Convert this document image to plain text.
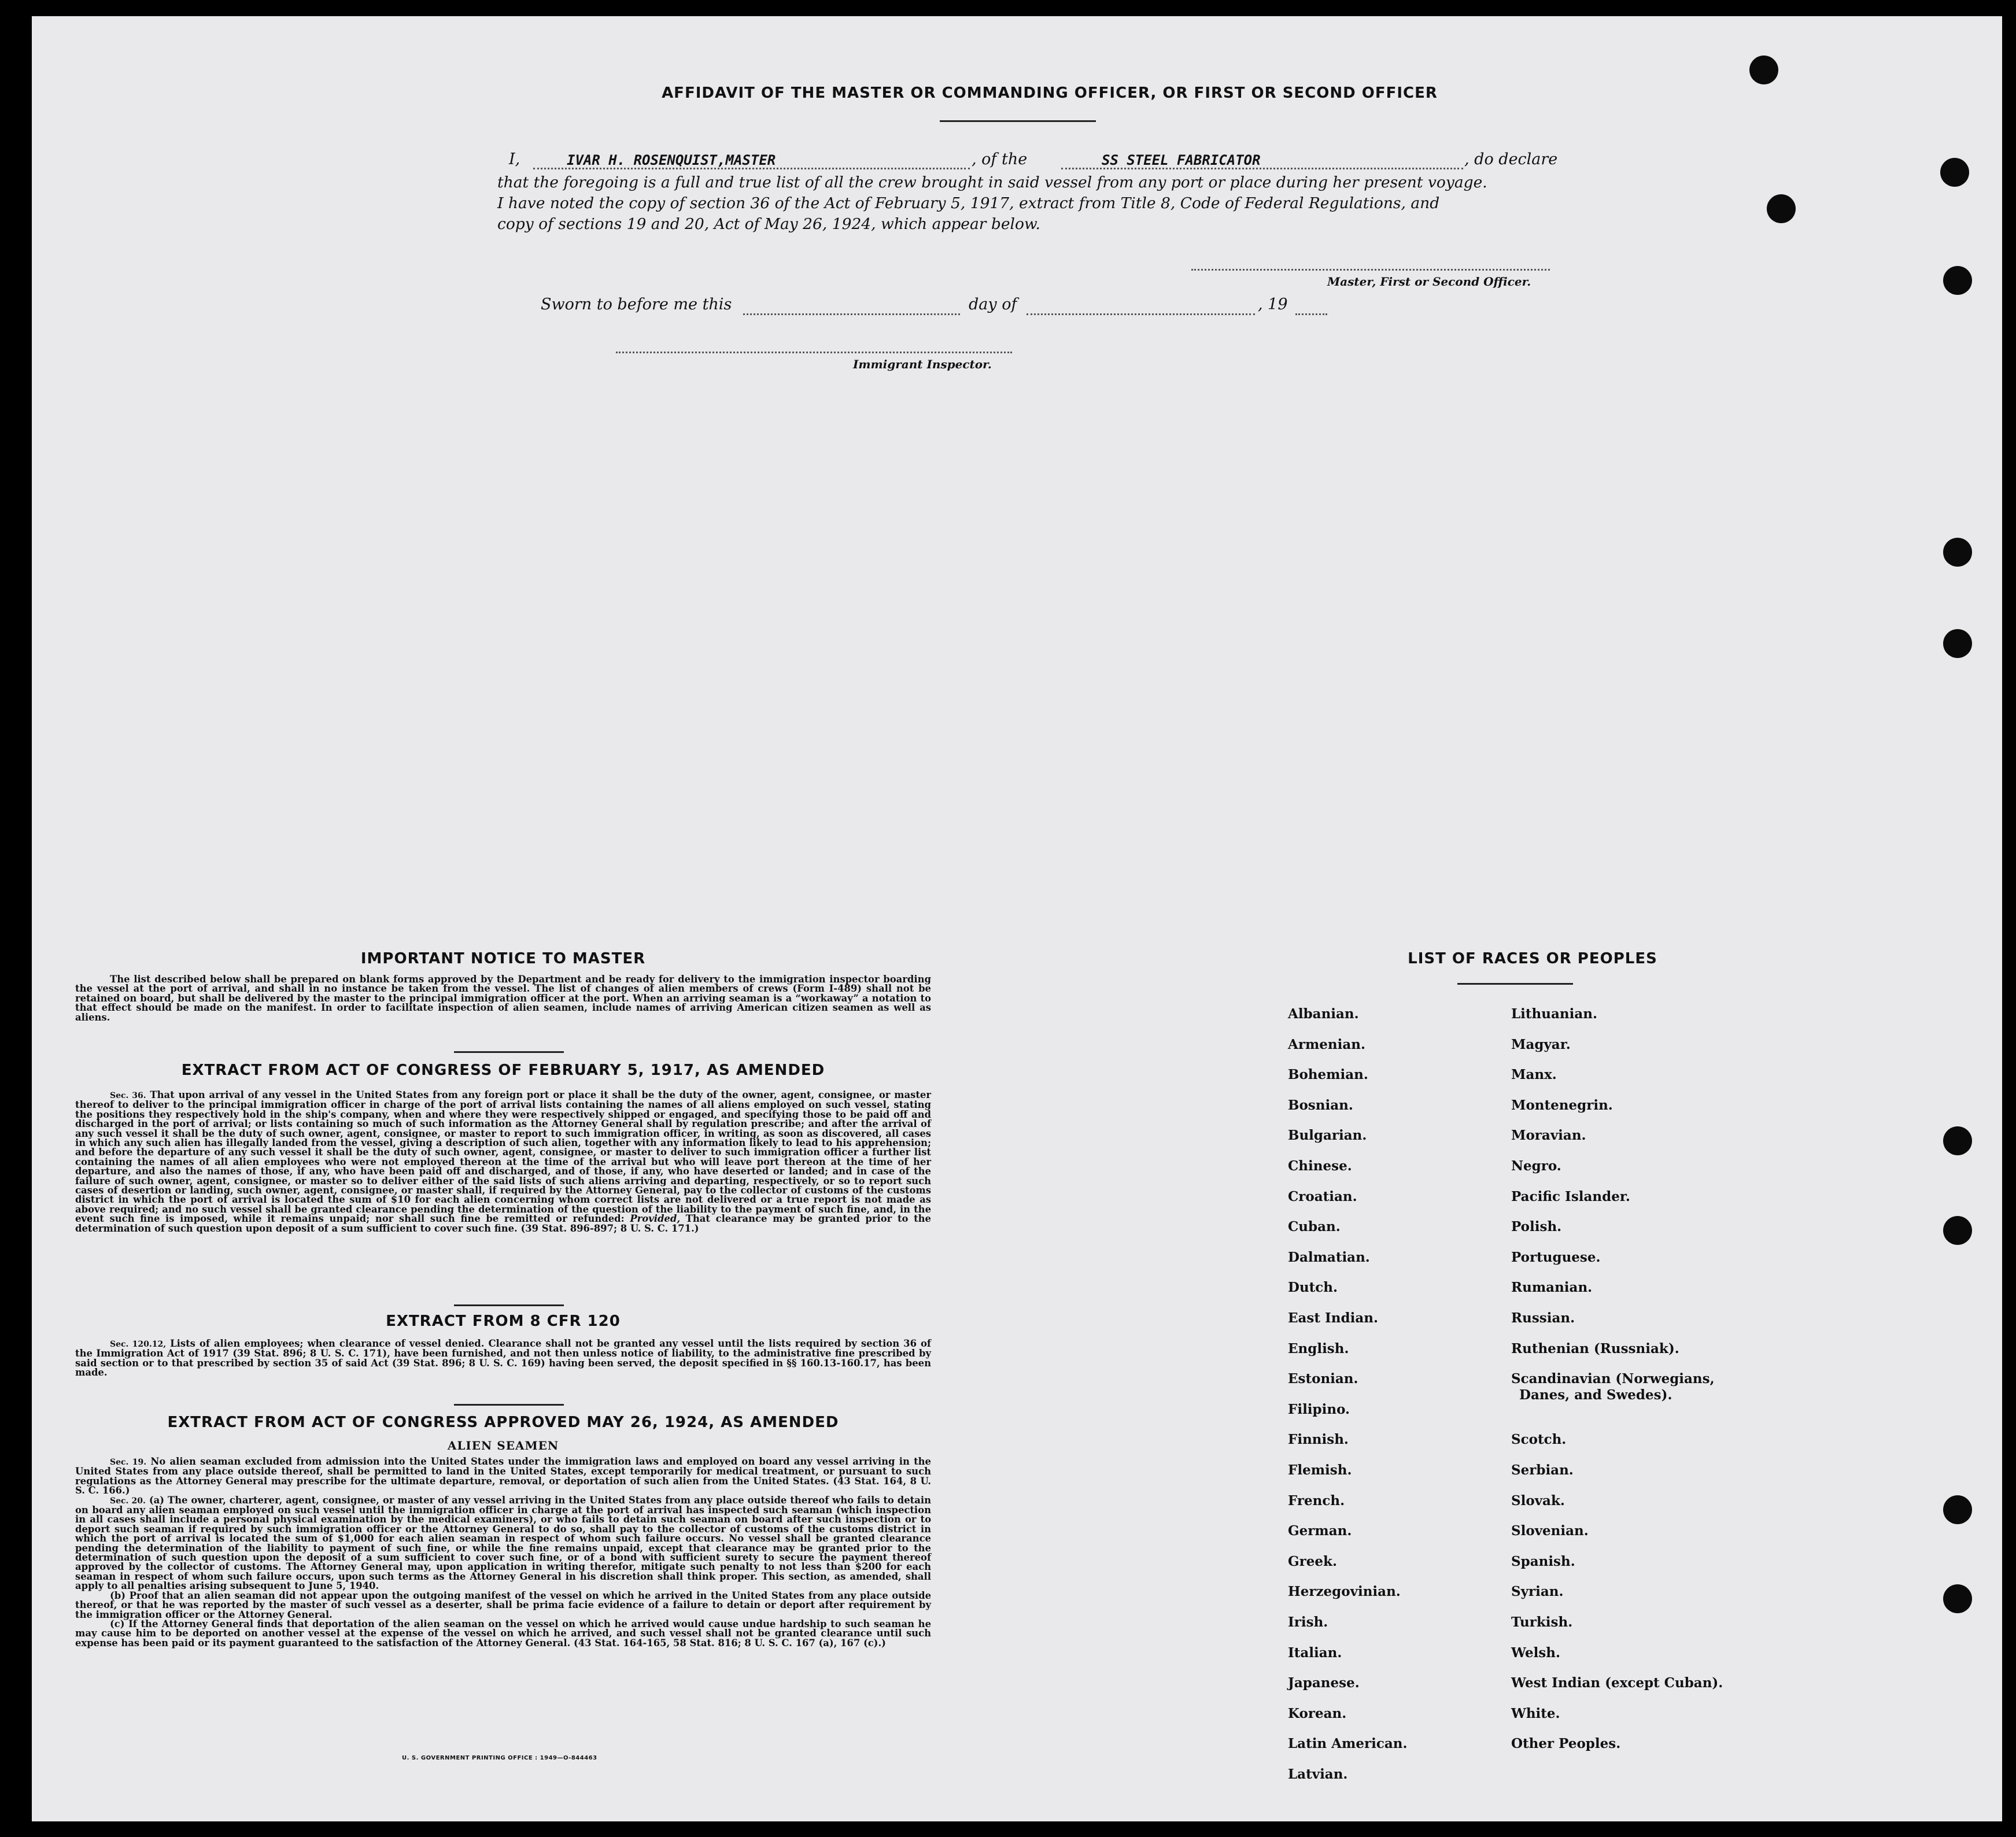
AFFIDAVIT OF THE MASTER OR COMMANDING OFFICER, OR FIRST OR SECOND OFFICER
I,	IVAR H. ROSENQUIST,MASTER	, of the	SS STEEL FABRICATOR	, do declare
that the foregoing is a full and true list of all the crew brought in said vessel from any port or place during her present voyage.
I have noted the copy of section 36 of the Act of February 5, 1917, extract from Title 8, Code of Federal Regulations, and
copy of sections 19 and 20, Act of May 26, 1924, which appear below.
Master, First or Second Officer.
Sworn to before me this	day of	, 19
Immigrant Inspector.
IMPORTANT NOTICE TO MASTER

The list described below shall be prepared on blank forms approved by the Department and be ready for delivery to the immigration inspector boarding the vessel at the port of arrival, and shall in no instance be taken from the vessel. The list of changes of alien members of crews (Form I-489) shall not be retained on board, but shall be delivered by the master to the principal immigration officer at the port. When an arriving seaman is a “workaway” a notation to that effect should be made on the manifest. In order to facilitate inspection of alien seamen, include names of arriving American citizen seamen as well as aliens.

EXTRACT FROM ACT OF CONGRESS OF FEBRUARY 5, 1917, AS AMENDED

Sec. 36. That upon arrival of any vessel in the United States from any foreign port or place it shall be the duty of the owner, agent, consignee, or master thereof to deliver to the principal immigration officer in charge of the port of arrival lists containing the names of all aliens employed on such vessel, stating the positions they respectively hold in the ship's company, when and where they were respectively shipped or engaged, and specifying those to be paid off and discharged in the port of arrival; or lists containing so much of such information as the Attorney General shall by regulation prescribe; and after the arrival of any such vessel it shall be the duty of such owner, agent, consignee, or master to report to such immigration officer, in writing, as soon as discovered, all cases in which any such alien has illegally landed from the vessel, giving a description of such alien, together with any information likely to lead to his apprehension; and before the departure of any such vessel it shall be the duty of such owner, agent, consignee, or master to deliver to such immigration officer a further list containing the names of all alien employees who were not employed thereon at the time of the arrival but who will leave port thereon at the time of her departure, and also the names of those, if any, who have been paid off and discharged, and of those, if any, who have deserted or landed; and in case of the failure of such owner, agent, consignee, or master so to deliver either of the said lists of such aliens arriving and departing, respectively, or so to report such cases of desertion or landing, such owner, agent, consignee, or master shall, if required by the Attorney General, pay to the collector of customs of the customs district in which the port of arrival is located the sum of $10 for each alien concerning whom correct lists are not delivered or a true report is not made as above required; and no such vessel shall be granted clearance pending the determination of the question of the liability to the payment of such fine, and, in the event such fine is imposed, while it remains unpaid; nor shall such fine be remitted or refunded: Provided, That clearance may be granted prior to the determination of such question upon deposit of a sum sufficient to cover such fine. (39 Stat. 896-897; 8 U. S. C. 171.)

EXTRACT FROM 8 CFR 120

Sec. 120.12, Lists of alien employees; when clearance of vessel denied. Clearance shall not be granted any vessel until the lists required by section 36 of the Immigration Act of 1917 (39 Stat. 896; 8 U. S. C. 171), have been furnished, and not then unless notice of liability, to the administrative fine prescribed by said section or to that prescribed by section 35 of said Act (39 Stat. 896; 8 U. S. C. 169) having been served, the deposit specified in §§ 160.13-160.17, has been made.

EXTRACT FROM ACT OF CONGRESS APPROVED MAY 26, 1924, AS AMENDED
ALIEN SEAMEN

Sec. 19. No alien seaman excluded from admission into the United States under the immigration laws and employed on board any vessel arriving in the United States from any place outside thereof, shall be permitted to land in the United States, except temporarily for medical treatment, or pursuant to such regulations as the Attorney General may prescribe for the ultimate departure, removal, or deportation of such alien from the United States. (43 Stat. 164, 8 U. S. C. 166.)

Sec. 20. (a) The owner, charterer, agent, consignee, or master of any vessel arriving in the United States from any place outside thereof who fails to detain on board any alien seaman employed on such vessel until the immigration officer in charge at the port of arrival has inspected such seaman (which inspection in all cases shall include a personal physical examination by the medical examiners), or who fails to detain such seaman on board after such inspection or to deport such seaman if required by such immigration officer or the Attorney General to do so, shall pay to the collector of customs of the customs district in which the port of arrival is located the sum of $1,000 for each alien seaman in respect of whom such failure occurs. No vessel shall be granted clearance pending the determination of the liability to payment of such fine, or while the fine remains unpaid, except that clearance may be granted prior to the determination of such question upon the deposit of a sum sufficient to cover such fine, or of a bond with sufficient surety to secure the payment thereof approved by the collector of customs. The Attorney General may, upon application in writing therefor, mitigate such penalty to not less than $200 for each seaman in respect of whom such failure occurs, upon such terms as the Attorney General in his discretion shall think proper. This section, as amended, shall apply to all penalties arising subsequent to June 5, 1940.

(b) Proof that an alien seaman did not appear upon the outgoing manifest of the vessel on which he arrived in the United States from any place outside thereof, or that he was reported by the master of such vessel as a deserter, shall be prima facie evidence of a failure to detain or deport after requirement by the immigration officer or the Attorney General.

(c) If the Attorney General finds that deportation of the alien seaman on the vessel on which he arrived would cause undue hardship to such seaman he may cause him to be deported on another vessel at the expense of the vessel on which he arrived, and such vessel shall not be granted clearance until such expense has been paid or its payment guaranteed to the satisfaction of the Attorney General. (43 Stat. 164-165, 58 Stat. 816; 8 U. S. C. 167 (a), 167 (c).)

U. S. GOVERNMENT PRINTING OFFICE : 1949—O-844463
LIST OF RACES OR PEOPLES
Albanian.
Armenian.
Bohemian.
Bosnian.
Bulgarian.
Chinese.
Croatian.
Cuban.
Dalmatian.
Dutch.
East Indian.
English.
Estonian.
Filipino.
Finnish.
Flemish.
French.
German.
Greek.
Herzegovinian.
Irish.
Italian.
Japanese.
Korean.
Latin American.
Latvian.
Lithuanian.
Magyar.
Manx.
Montenegrin.
Moravian.
Negro.
Pacific Islander.
Polish.
Portuguese.
Rumanian.
Russian.
Ruthenian (Russniak).
Scandinavian (Norwegians,
Scotch.
Serbian.
Slovak.
Slovenian.
Spanish.
Syrian.
Turkish.
Welsh.
West Indian (except Cuban).
White.
Other Peoples.
Danes, and Swedes).
